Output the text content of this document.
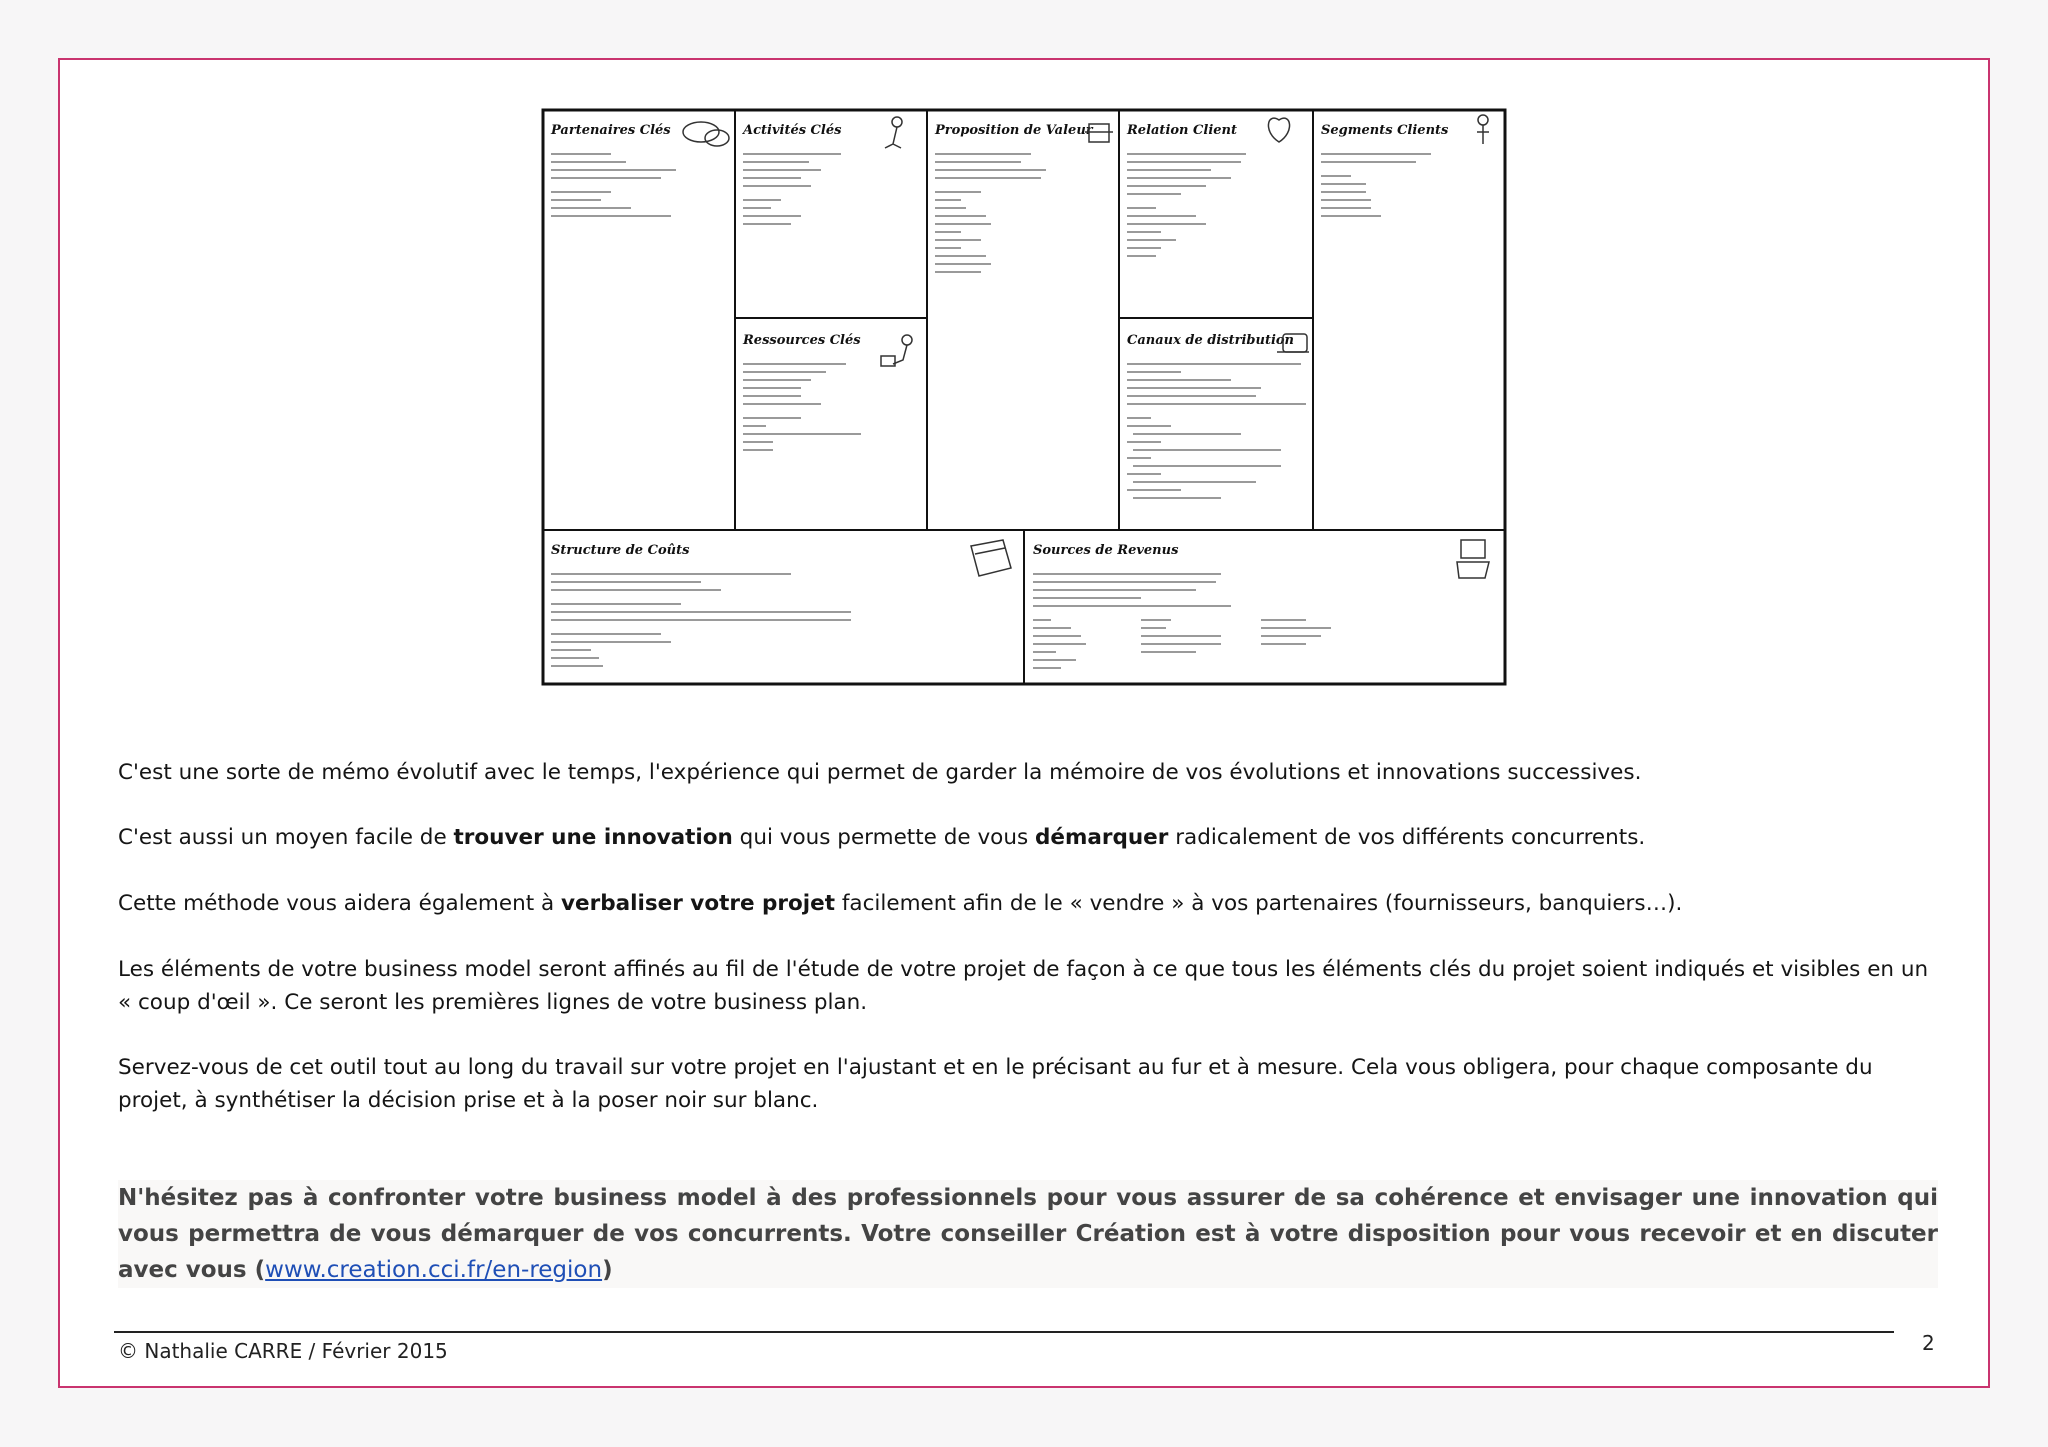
Partenaires Clés	Activités Clés	Proposition de Valeur	Relation Client	Segments Clients
Ressources Clés	Canaux de distribution
Structure de Coûts	Sources de Revenus
C'est une sorte de mémo évolutif avec le temps, l'expérience qui permet de garder la mémoire de vos évolutions et innovations successives.
C'est aussi un moyen facile de trouver une innovation qui vous permette de vous démarquer radicalement de vos différents concurrents.
Cette méthode vous aidera également à verbaliser votre projet facilement afin de le « vendre » à vos partenaires (fournisseurs, banquiers…).
Les éléments de votre business model seront affinés au fil de l'étude de votre projet de façon à ce que tous les éléments clés du projet soient indiqués et visibles en un
« coup d'œil ». Ce seront les premières lignes de votre business plan.
Servez-vous de cet outil tout au long du travail sur votre projet en l'ajustant et en le précisant au fur et à mesure. Cela vous obligera, pour chaque composante du
projet, à synthétiser la décision prise et à la poser noir sur blanc.
N'hésitez pas à confronter votre business model à des professionnels pour vous assurer de sa cohérence et envisager une innovation qui vous permettra de vous démarquer de vos concurrents. Votre conseiller Création est à votre disposition pour vous recevoir et en discuter avec vous (www.creation.cci.fr/en-region)
© Nathalie CARRE / Février 2015	2
